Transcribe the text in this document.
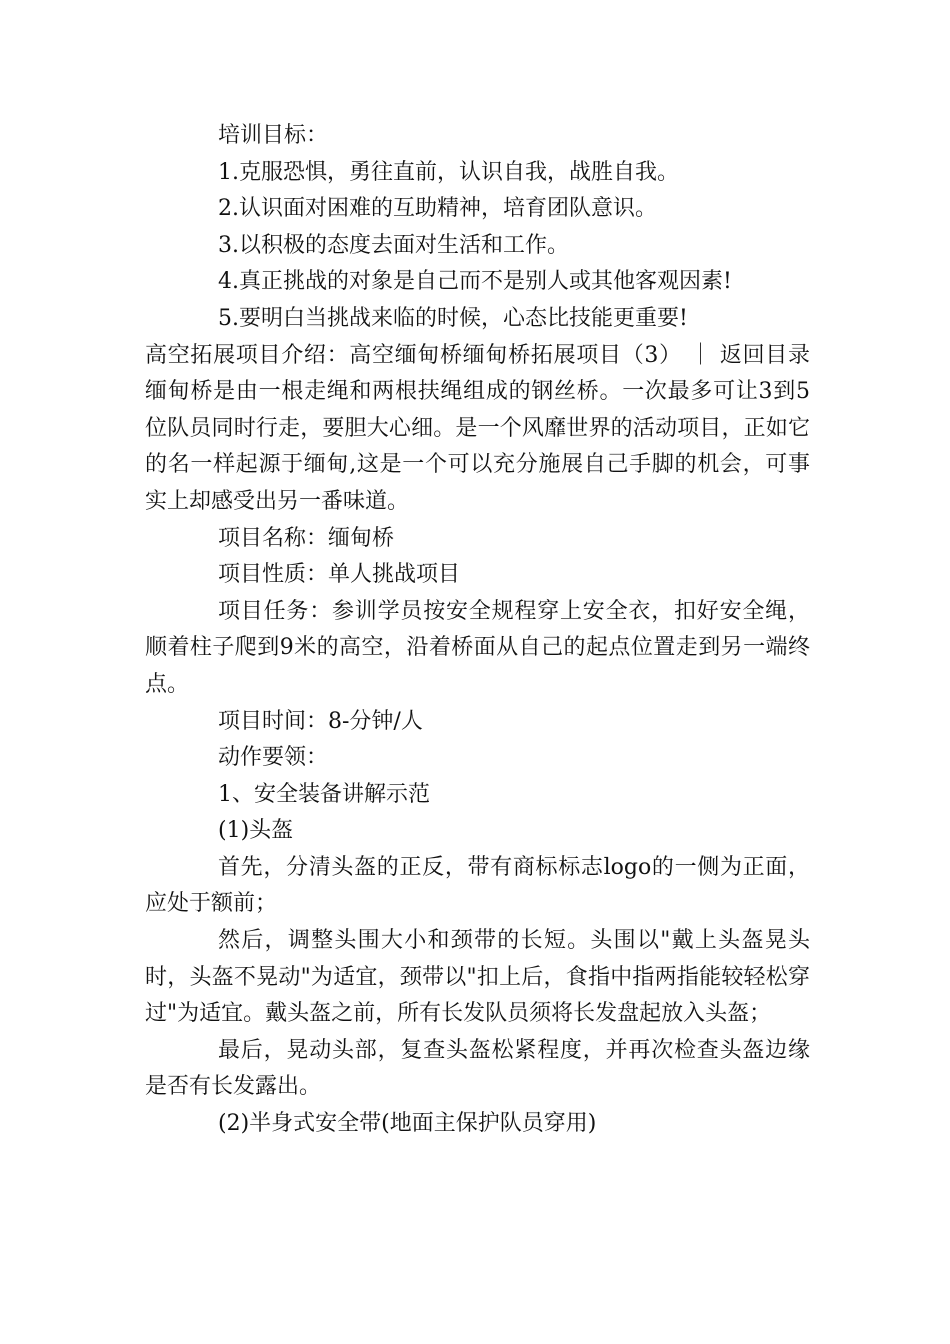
培训目标：

1.克服恐惧，勇往直前，认识自我，战胜自我。

2.认识面对困难的互助精神，培育团队意识。

3.以积极的态度去面对生活和工作。

4.真正挑战的对象是自己而不是别人或其他客观因素!

5.要明白当挑战来临的时候，心态比技能更重要!

高空拓展项目介绍：高空缅甸桥缅甸桥拓展项目（3） ｜ 返回目录　　　缅甸桥是由一根走绳和两根扶绳组成的钢丝桥。一次最多可让3到5位队员同时行走，要胆大心细。是一个风靡世界的活动项目，正如它的名一样起源于缅甸,这是一个可以充分施展自己手脚的机会，可事实上却感受出另一番味道。

项目名称：缅甸桥

项目性质：单人挑战项目

项目任务：参训学员按安全规程穿上安全衣，扣好安全绳，顺着柱子爬到9米的高空，沿着桥面从自己的起点位置走到另一端终点。

项目时间：8-分钟/人

动作要领：

1、安全装备讲解示范

(1)头盔

首先，分清头盔的正反，带有商标标志logo的一侧为正面，应处于额前；

然后，调整头围大小和颈带的长短。头围以"戴上头盔晃头时，头盔不晃动"为适宜，颈带以"扣上后，食指中指两指能较轻松穿过"为适宜。戴头盔之前，所有长发队员须将长发盘起放入头盔；

最后，晃动头部，复查头盔松紧程度，并再次检查头盔边缘是否有长发露出。

(2)半身式安全带(地面主保护队员穿用)
